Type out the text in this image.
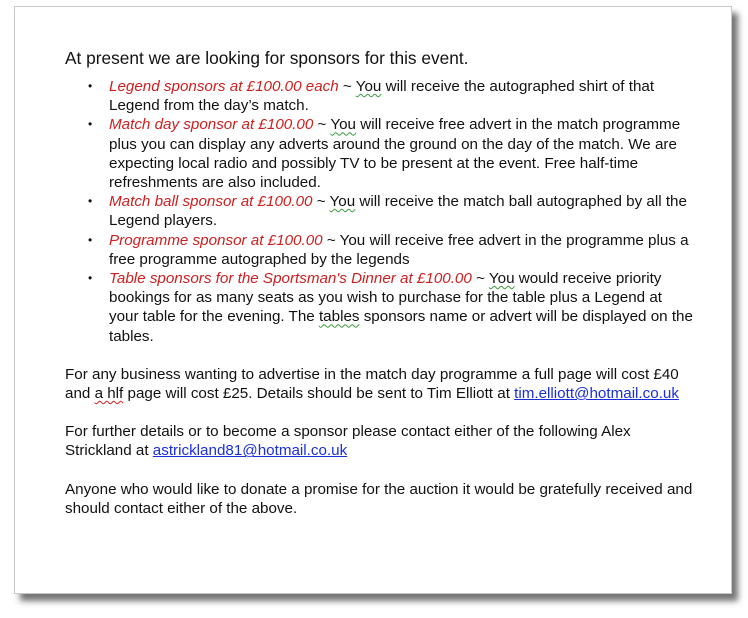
At present we are looking for sponsors for this event.
• Legend sponsors at £100.00 each ~ You will receive the autographed shirt of that Legend from the day’s match.
• Match day sponsor at £100.00 ~ You will receive free advert in the match programme plus you can display any adverts around the ground on the day of the match. We are expecting local radio and possibly TV to be present at the event. Free half-time refreshments are also included.
• Match ball sponsor at £100.00 ~ You will receive the match ball autographed by all the Legend players.
• Programme sponsor at £100.00 ~ You will receive free advert in the programme plus a free programme autographed by the legends
• Table sponsors for the Sportsman's Dinner at £100.00 ~ You would receive priority bookings for as many seats as you wish to purchase for the table plus a Legend at your table for the evening. The tables sponsors name or advert will be displayed on the tables.

For any business wanting to advertise in the match day programme a full page will cost £40 and a hlf page will cost £25. Details should be sent to Tim Elliott at tim.elliott@hotmail.co.uk

For further details or to become a sponsor please contact either of the following Alex Strickland at astrickland81@hotmail.co.uk

Anyone who would like to donate a promise for the auction it would be gratefully received and should contact either of the above.
